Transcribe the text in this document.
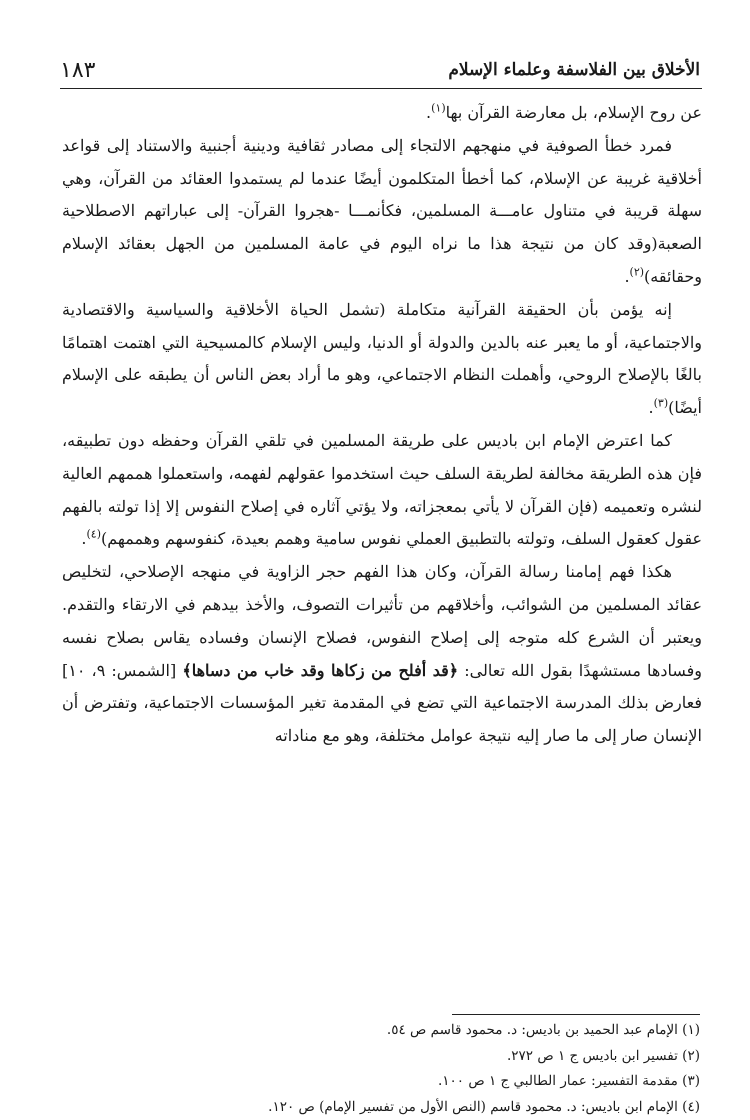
الأخلاق بين الفلاسفة وعلماء الإسلام
١٨٣

عن روح الإسلام، بل معارضة القرآن بها$^{(١)}$.

فمرد خطأ الصوفية في منهجهم الالتجاء إلى مصادر ثقافية ودينية أجنبية والاستناد إلى قواعد أخلاقية غريبة عن الإسلام، كما أخطأ المتكلمون أيضًا عندما لم يستمدوا العقائد من القرآن، وهي سهلة قريبة في متناول عامـــة المسلمين، فكأنمـــا -هجروا القرآن- إلى عباراتهم الاصطلاحية الصعبة(وقد كان من نتيجة هذا ما نراه اليوم في عامة المسلمين من الجهل بعقائد الإسلام وحقائقه)$^{(٢)}$.

إنه يؤمن بأن الحقيقة القرآنية متكاملة (تشمل الحياة الأخلاقية والسياسية والاقتصادية والاجتماعية، أو ما يعبر عنه بالدين والدولة أو الدنيا، وليس الإسلام كالمسيحية التي اهتمت اهتمامًا بالغًا بالإصلاح الروحي، وأهملت النظام الاجتماعي، وهو ما أراد بعض الناس أن يطبقه على الإسلام أيضًا)$^{(٣)}$.

كما اعترض الإمام ابن باديس على طريقة المسلمين في تلقي القرآن وحفظه دون تطبيقه، فإن هذه الطريقة مخالفة لطريقة السلف حيث استخدموا عقولهم لفهمه، واستعملوا هممهم العالية لنشره وتعميمه (فإن القرآن لا يأتي بمعجزاته، ولا يؤتي آثاره في إصلاح النفوس إلا إذا تولته بالفهم عقول كعقول السلف، وتولته بالتطبيق العملي نفوس سامية وهمم بعيدة، كنفوسهم وهممهم)$^{(٤)}$.

هكذا فهم إمامنا رسالة القرآن، وكان هذا الفهم حجر الزاوية في منهجه الإصلاحي، لتخليص عقائد المسلمين من الشوائب، وأخلاقهم من تأثيرات التصوف، والأخذ بيدهم في الارتقاء والتقدم. ويعتبر أن الشرع كله متوجه إلى إصلاح النفوس، فصلاح الإنسان وفساده يقاس بصلاح نفسه وفسادها مستشهدًا بقول الله تعالى: ﴿قد أفلح من زكاها وقد خاب من دساها﴾ [الشمس: ٩، ١٠] فعارض بذلك المدرسة الاجتماعية التي تضع في المقدمة تغير المؤسسات الاجتماعية، وتفترض أن الإنسان صار إلى ما صار إليه نتيجة عوامل مختلفة، وهو مع مناداته

(١) الإمام عبد الحميد بن باديس: د. محمود قاسم ص ٥٤.

(٢) تفسير ابن باديس ج ١ ص ٢٧٢.

(٣) مقدمة التفسير: عمار الطالبي ج ١ ص ١٠٠.

(٤) الإمام ابن باديس: د. محمود قاسم (النص الأول من تفسير الإمام) ص ١٢٠.
